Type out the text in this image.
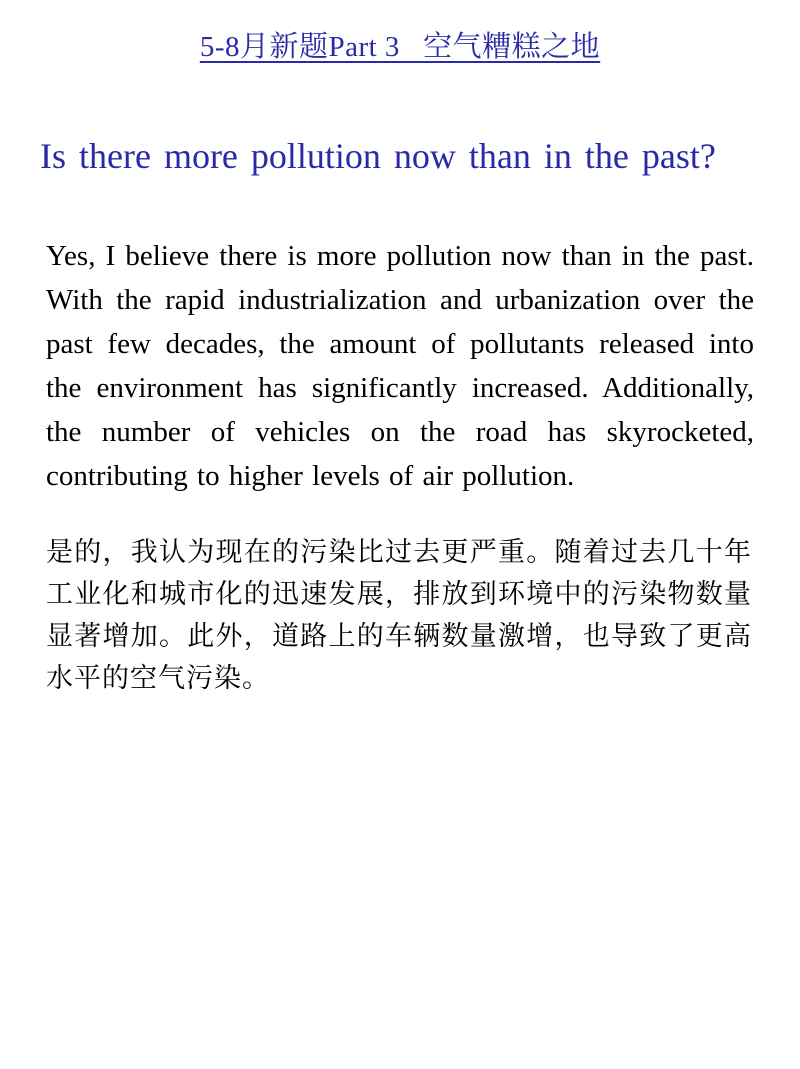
5-8月新题Part 3   空气糟糕之地
Is there more pollution now than in the past?
Yes, I believe there is more pollution now than in the past. With the rapid industrialization and urbanization over the past few decades, the amount of pollutants released into the environment has significantly increased. Additionally, the number of vehicles on the road has skyrocketed, contributing to higher levels of air pollution.
是的，我认为现在的污染比过去更严重。随着过去几十年工业化和城市化的迅速发展，排放到环境中的污染物数量显著增加。此外，道路上的车辆数量激增，也导致了更高水平的空气污染。
